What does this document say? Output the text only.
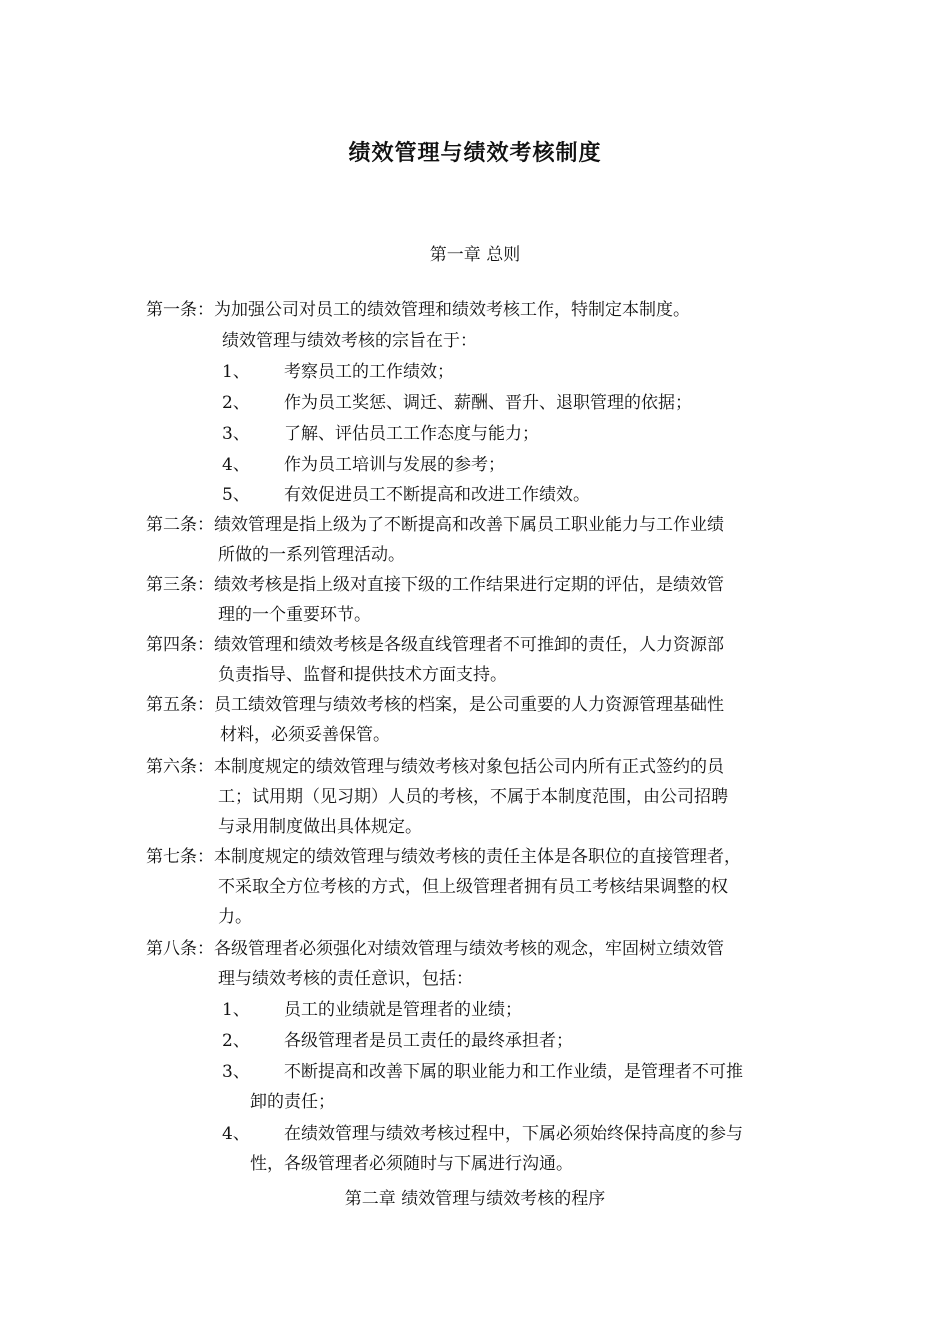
绩效管理与绩效考核制度
第一章 总则
第一条：为加强公司对员工的绩效管理和绩效考核工作，特制定本制度。
绩效管理与绩效考核的宗旨在于：
1、 考察员工的工作绩效；
2、 作为员工奖惩、调迁、薪酬、晋升、退职管理的依据；
3、 了解、评估员工工作态度与能力；
4、 作为员工培训与发展的参考；
5、 有效促进员工不断提高和改进工作绩效。
第二条：绩效管理是指上级为了不断提高和改善下属员工职业能力与工作业绩
所做的一系列管理活动。
第三条：绩效考核是指上级对直接下级的工作结果进行定期的评估，是绩效管
理的一个重要环节。
第四条：绩效管理和绩效考核是各级直线管理者不可推卸的责任，人力资源部
负责指导、监督和提供技术方面支持。
第五条：员工绩效管理与绩效考核的档案，是公司重要的人力资源管理基础性
材料，必须妥善保管。
第六条：本制度规定的绩效管理与绩效考核对象包括公司内所有正式签约的员
工；试用期（见习期）人员的考核，不属于本制度范围，由公司招聘
与录用制度做出具体规定。
第七条：本制度规定的绩效管理与绩效考核的责任主体是各职位的直接管理者，
不采取全方位考核的方式，但上级管理者拥有员工考核结果调整的权
力。
第八条：各级管理者必须强化对绩效管理与绩效考核的观念，牢固树立绩效管
理与绩效考核的责任意识，包括：
1、 员工的业绩就是管理者的业绩；
2、 各级管理者是员工责任的最终承担者；
3、 不断提高和改善下属的职业能力和工作业绩，是管理者不可推
卸的责任；
4、 在绩效管理与绩效考核过程中，下属必须始终保持高度的参与
性，各级管理者必须随时与下属进行沟通。
第二章 绩效管理与绩效考核的程序
